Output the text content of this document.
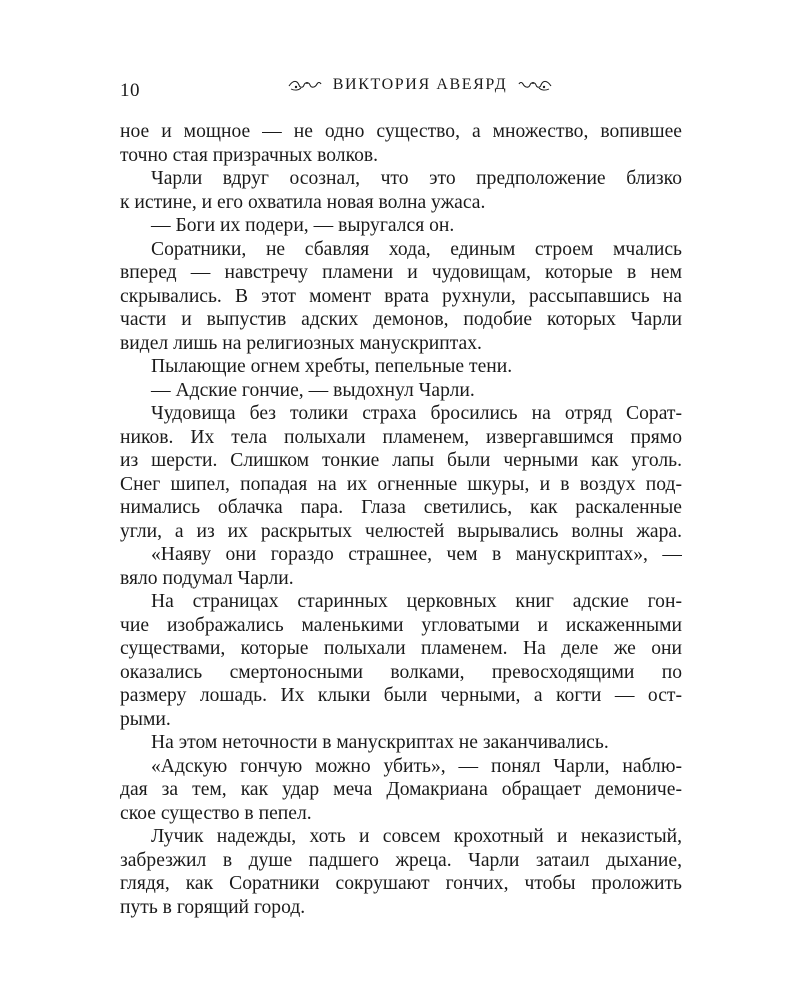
10	ВИКТОРИЯ АВЕЯРД
ное и мощное — не одно существо, а множество, вопившее
точно стая призрачных волков.
Чарли вдруг осознал, что это предположение близко
к истине, и его охватила новая волна ужаса.
— Боги их подери, — выругался он.
Соратники, не сбавляя хода, единым строем мчались
вперед — навстречу пламени и чудовищам, которые в нем
скрывались. В этот момент врата рухнули, рассыпавшись на
части и выпустив адских демонов, подобие которых Чарли
видел лишь на религиозных манускриптах.
Пылающие огнем хребты, пепельные тени.
— Адские гончие, — выдохнул Чарли.
Чудовища без толики страха бросились на отряд Сорат-
ников. Их тела полыхали пламенем, извергавшимся прямо
из шерсти. Слишком тонкие лапы были черными как уголь.
Снег шипел, попадая на их огненные шкуры, и в воздух под-
нимались облачка пара. Глаза светились, как раскаленные
угли, а из их раскрытых челюстей вырывались волны жара.
«Наяву они гораздо страшнее, чем в манускриптах», —
вяло подумал Чарли.
На страницах старинных церковных книг адские гон-
чие изображались маленькими угловатыми и искаженными
существами, которые полыхали пламенем. На деле же они
оказались смертоносными волками, превосходящими по
размеру лошадь. Их клыки были черными, а когти — ост-
рыми.
На этом неточности в манускриптах не заканчивались.
«Адскую гончую можно убить», — понял Чарли, наблю-
дая за тем, как удар меча Домакриана обращает демониче-
ское существо в пепел.
Лучик надежды, хоть и совсем крохотный и неказистый,
забрезжил в душе падшего жреца. Чарли затаил дыхание,
глядя, как Соратники сокрушают гончих, чтобы проложить
путь в горящий город.
